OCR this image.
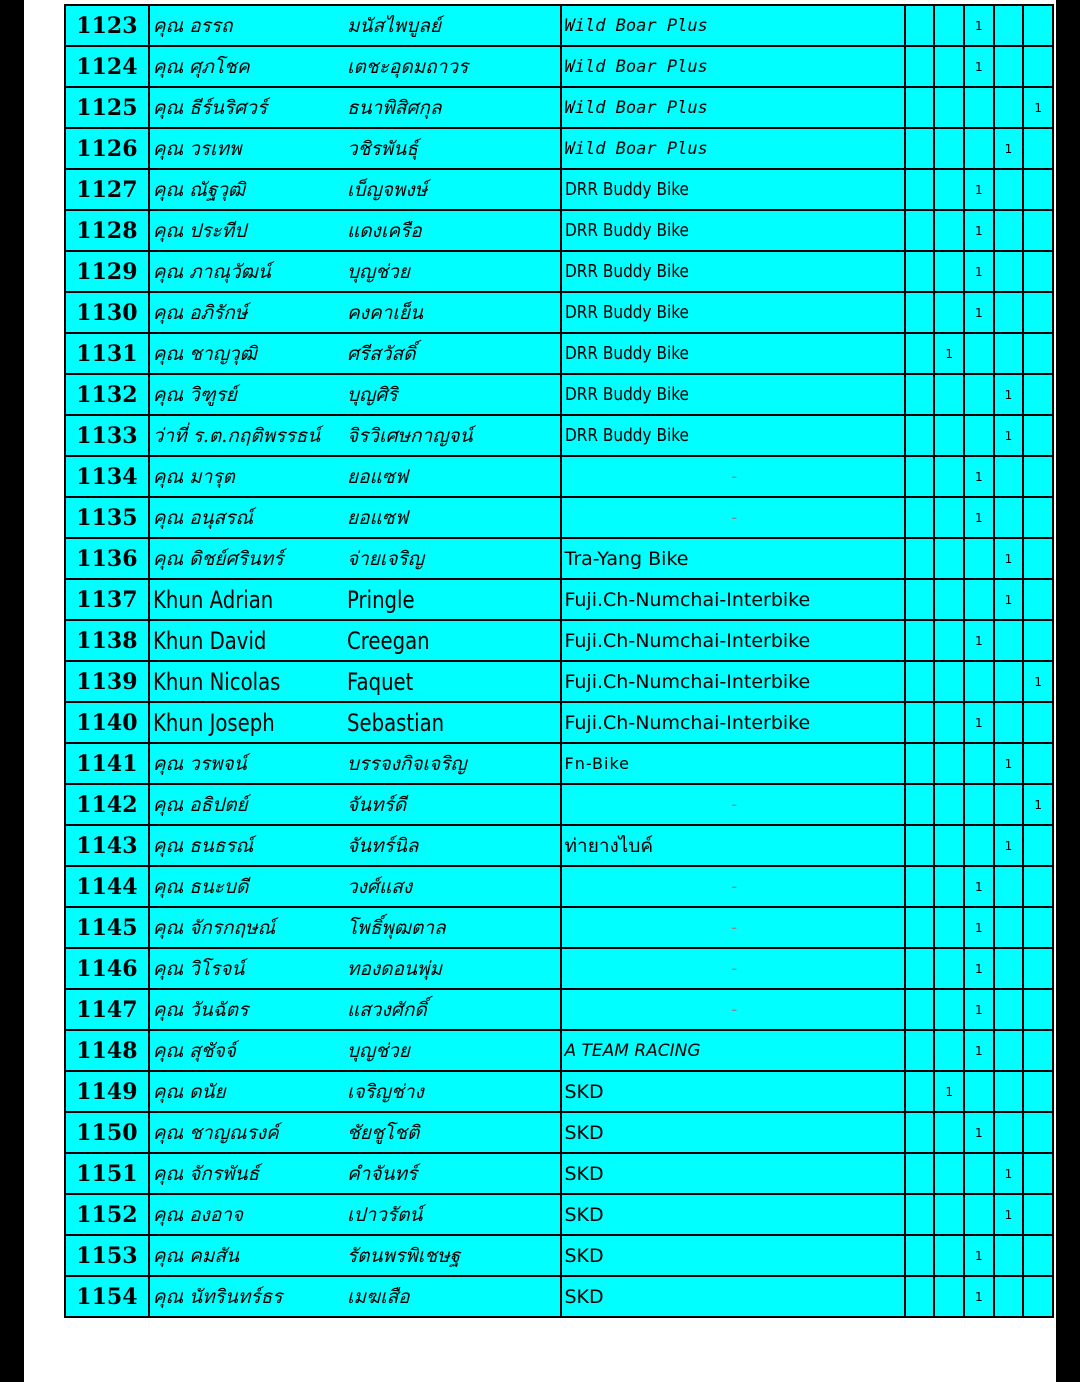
1123	คุณ อรรถ	มนัสไพบูลย์	Wild Boar Plus			1		
1124	คุณ ศุภโชค	เตชะอุดมถาวร	Wild Boar Plus			1		
1125	คุณ ธีร์นริศวร์	ธนาพิสิศกุล	Wild Boar Plus					1
1126	คุณ วรเทพ	วชิรพันธุ์	Wild Boar Plus				1	
1127	คุณ ณัฐวุฒิ	เบ็ญจพงษ์	DRR Buddy Bike			1		
1128	คุณ ประทีป	แดงเครือ	DRR Buddy Bike			1		
1129	คุณ ภาณุวัฒน์	บุญช่วย	DRR Buddy Bike			1		
1130	คุณ อภิรักษ์	คงคาเย็น	DRR Buddy Bike			1		
1131	คุณ ชาญวุฒิ	ศรีสวัสดิ์	DRR Buddy Bike		1			
1132	คุณ วิฑูรย์	บุญศิริ	DRR Buddy Bike				1	
1133	ว่าที่ ร.ต.กฤติพรรธน์	จิรวิเศษกาญจน์	DRR Buddy Bike				1	
1134	คุณ มารุต	ยอแซฟ	-			1		
1135	คุณ อนุสรณ์	ยอแซฟ	-			1		
1136	คุณ ดิชย์ศรินทร์	จ่ายเจริญ	Tra-Yang Bike				1	
1137	Khun Adrian	Pringle	Fuji.Ch-Numchai-Interbike				1	
1138	Khun David	Creegan	Fuji.Ch-Numchai-Interbike			1		
1139	Khun Nicolas	Faquet	Fuji.Ch-Numchai-Interbike					1
1140	Khun Joseph	Sebastian	Fuji.Ch-Numchai-Interbike			1		
1141	คุณ วรพจน์	บรรจงกิจเจริญ	Fn-Bike				1	
1142	คุณ อธิปตย์	จันทร์ดี	-					1
1143	คุณ ธนธรณ์	จันทร์นิล	ท่ายางไบค์				1	
1144	คุณ ธนะบดี	วงศ์แสง	-			1		
1145	คุณ จักรกฤษณ์	โพธิ์พุฒตาล	-			1		
1146	คุณ วิโรจน์	ทองดอนพุ่ม	-			1		
1147	คุณ วันฉัตร	แสวงศักดิ์	-			1		
1148	คุณ สุชัจจ์	บุญช่วย	A TEAM RACING			1		
1149	คุณ ดนัย	เจริญช่าง	SKD		1			
1150	คุณ ชาญณรงค์	ชัยชูโชติ	SKD			1		
1151	คุณ จักรพันธ์	คำจันทร์	SKD				1	
1152	คุณ องอาจ	เปาวรัตน์	SKD				1	
1153	คุณ คมสัน	รัตนพรพิเชษฐ	SKD			1		
1154	คุณ นัทรินทร์ธร	เมฆเสือ	SKD			1		
